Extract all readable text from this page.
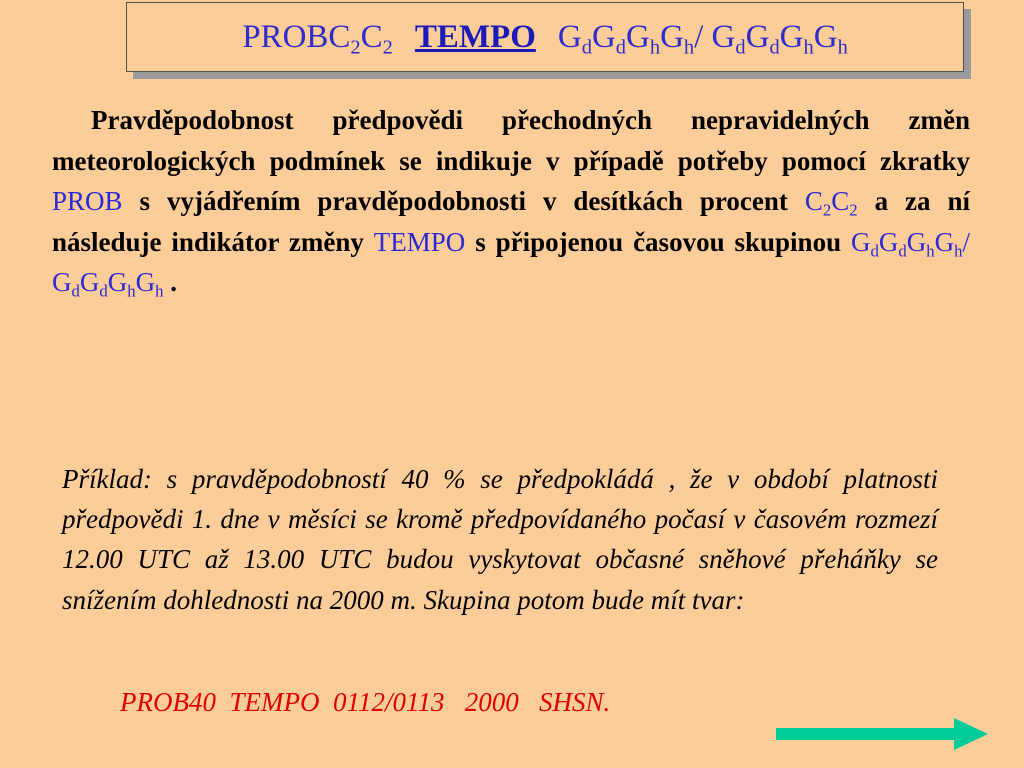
$PROBC_2C_2$ TEMPO $G_dG_dG_hG_h/$ $G_dG_dG_hG_h$
Pravděpodobnost předpovědi přechodných nepravidelných změn meteorologických podmínek se indikuje v případě potřeby pomocí zkratky PROB s vyjádřením pravděpodobnosti v desítkách procent $C_2C_2$ a za ní následuje indikátor změny TEMPO s připojenou časovou skupinou $G_dG_dG_hG_h/$ $G_dG_dG_hG_h$ .
Příklad: s pravděpodobností 40 % se předpokládá , že v období platnosti předpovědi 1. dne v měsíci se kromě předpovídaného počasí v časovém rozmezí 12.00 UTC až 13.00 UTC budou vyskytovat občasné sněhové přeháňky se snížením dohlednosti na 2000 m. Skupina potom bude mít tvar:
PROB40  TEMPO  0112/0113   2000   SHSN.
